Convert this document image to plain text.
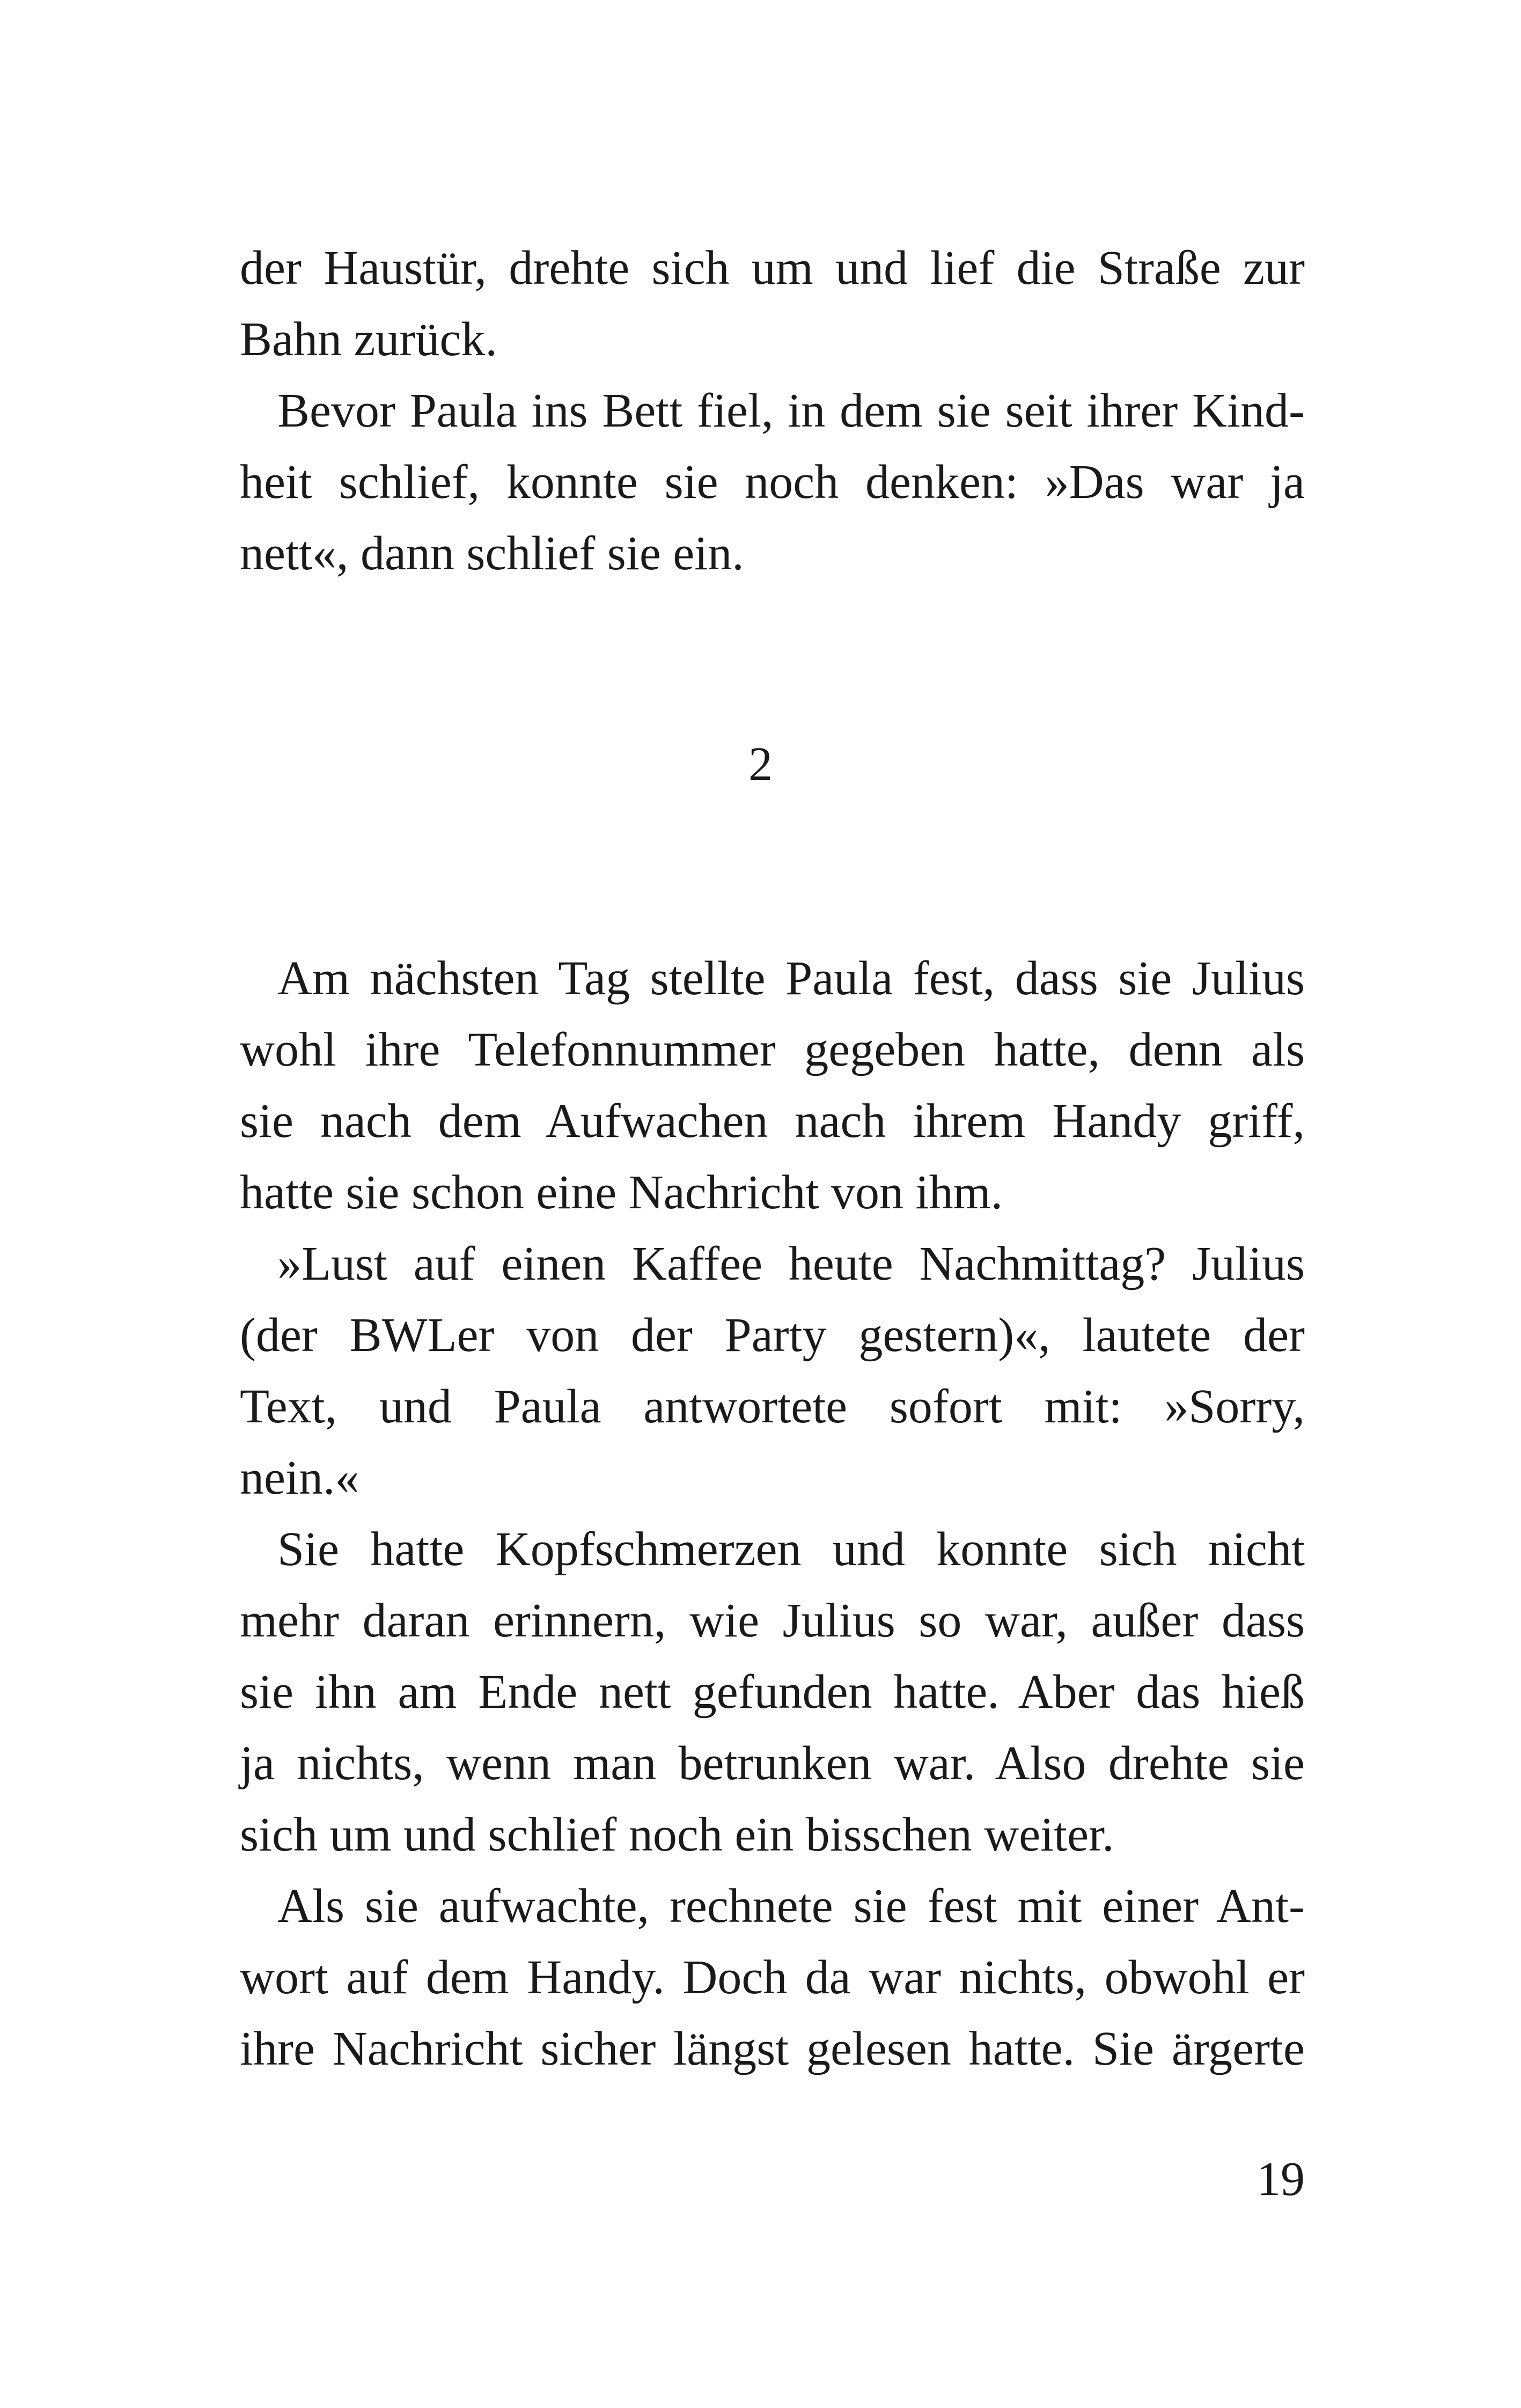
der Haustür, drehte sich um und lief die Straße zur
Bahn zurück.
Bevor Paula ins Bett fiel, in dem sie seit ihrer Kind-
heit schlief, konnte sie noch denken: »Das war ja
nett«, dann schlief sie ein.
2
Am nächsten Tag stellte Paula fest, dass sie Julius
wohl ihre Telefonnummer gegeben hatte, denn als
sie nach dem Aufwachen nach ihrem Handy griff,
hatte sie schon eine Nachricht von ihm.
»Lust auf einen Kaffee heute Nachmittag? Julius
(der BWLer von der Party gestern)«, lautete der
Text, und Paula antwortete sofort mit: »Sorry,
nein.«
Sie hatte Kopfschmerzen und konnte sich nicht
mehr daran erinnern, wie Julius so war, außer dass
sie ihn am Ende nett gefunden hatte. Aber das hieß
ja nichts, wenn man betrunken war. Also drehte sie
sich um und schlief noch ein bisschen weiter.
Als sie aufwachte, rechnete sie fest mit einer Ant-
wort auf dem Handy. Doch da war nichts, obwohl er
ihre Nachricht sicher längst gelesen hatte. Sie ärgerte
19
